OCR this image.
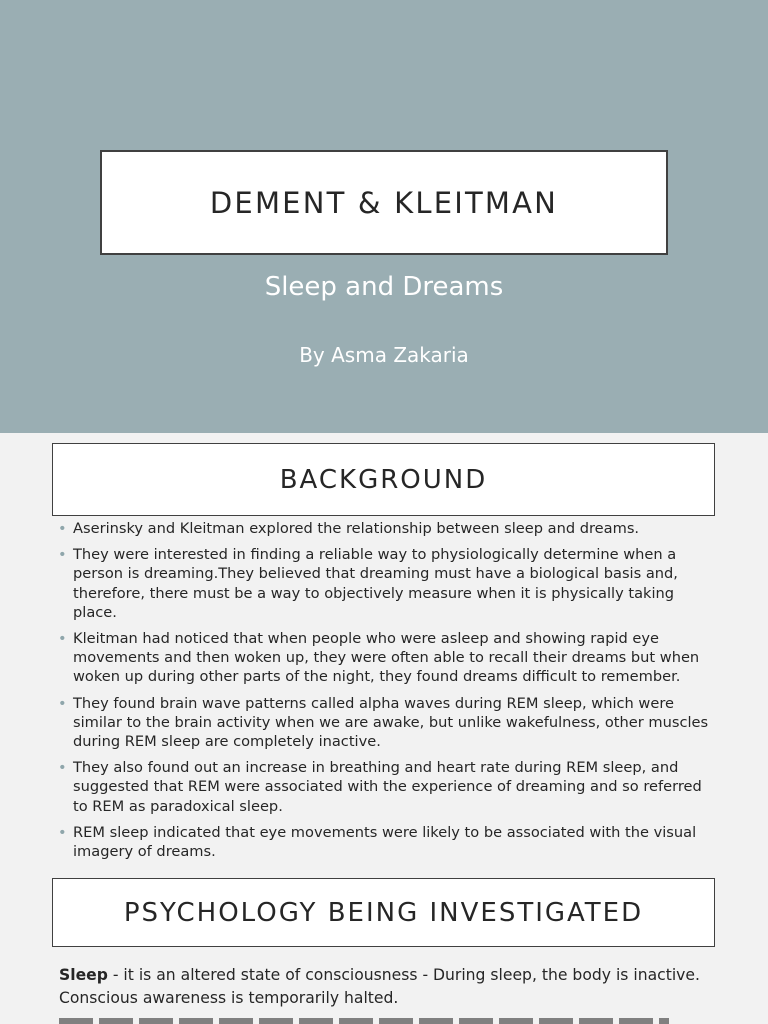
DEMENT & KLEITMAN
Sleep and Dreams
By Asma Zakaria
BACKGROUND
• Aserinsky and Kleitman explored the relationship between sleep and dreams.
• They were interested in finding a reliable way to physiologically determine when a person is dreaming.They believed that dreaming must have a biological basis and, therefore, there must be a way to objectively measure when it is physically taking place.
• Kleitman had noticed that when people who were asleep and showing rapid eye movements and then woken up, they were often able to recall their dreams but when woken up during other parts of the night, they found dreams difficult to remember.
• They found brain wave patterns called alpha waves during REM sleep, which were similar to the brain activity when we are awake, but unlike wakefulness, other muscles during REM sleep are completely inactive.
• They also found out an increase in breathing and heart rate during REM sleep, and suggested that REM were associated with the experience of dreaming and so referred to REM as paradoxical sleep.
• REM sleep indicated that eye movements were likely to be associated with the visual imagery of dreams.
PSYCHOLOGY BEING INVESTIGATED
Sleep - it is an altered state of consciousness - During sleep, the body is inactive. Conscious awareness is temporarily halted.
